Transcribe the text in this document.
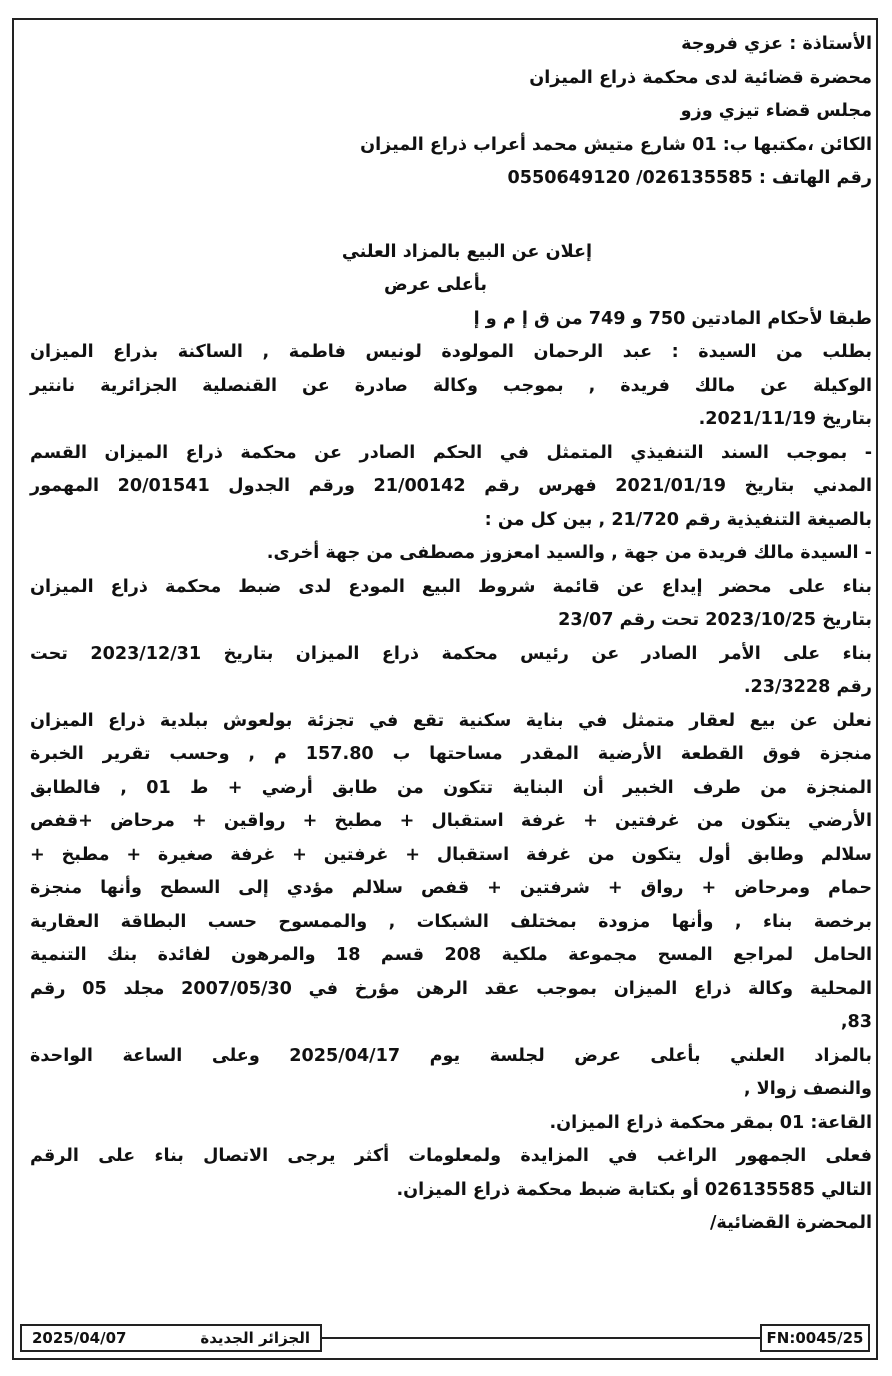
الأستاذة : عزي فروجة
محضرة قضائية لدى محكمة ذراع الميزان
مجلس قضاء تيزي وزو
الكائن ،مكتبها ب: 01 شارع متيش محمد أعراب ذراع الميزان
رقم الهاتف : 026135585/ 0550649120
إعلان عن البيع بالمزاد العلني
بأعلى عرض
طبقا لأحكام المادتين 750 و 749 من ق إ م و إ
بطلب من السيدة : عبد الرحمان المولودة لونيس فاطمة , الساكنة بذراع الميزان
الوكيلة عن مالك فريدة , بموجب وكالة صادرة عن القنصلية الجزائرية نانتير
بتاريخ 2021/11/19.
- بموجب السند التنفيذي المتمثل في الحكم الصادر عن محكمة ذراع الميزان القسم
المدني بتاريخ 2021/01/19 فهرس رقم 21/00142 ورقم الجدول 20/01541 المهمور
بالصيغة التنفيذية رقم 21/720 , بين كل من :
- السيدة مالك فريدة من جهة , والسيد امعزوز مصطفى من جهة أخرى.
بناء على محضر إيداع عن قائمة شروط البيع المودع لدى ضبط محكمة ذراع الميزان
بتاريخ 2023/10/25 تحت رقم 23/07
بناء على الأمر الصادر عن رئيس محكمة ذراع الميزان بتاريخ 2023/12/31 تحت
رقم 23/3228.
نعلن عن بيع لعقار متمثل في بناية سكنية تقع في تجزئة بولعوش ببلدية ذراع الميزان
منجزة فوق القطعة الأرضية المقدر مساحتها ب 157.80 م , وحسب تقرير الخبرة
المنجزة من طرف الخبير أن البناية تتكون من طابق أرضي + ط 01 , فالطابق
الأرضي يتكون من غرفتين + غرفة استقبال + مطبخ + رواقين + مرحاض +قفص
سلالم وطابق أول يتكون من غرفة استقبال + غرفتين + غرفة صغيرة + مطبخ +
حمام ومرحاض + رواق + شرفتين + قفص سلالم مؤدي إلى السطح وأنها منجزة
برخصة بناء , وأنها مزودة بمختلف الشبكات , والممسوح حسب البطاقة العقارية
الحامل لمراجع المسح مجموعة ملكية 208 قسم 18 والمرهون لفائدة بنك التنمية
المحلية وكالة ذراع الميزان بموجب عقد الرهن مؤرخ في 2007/05/30 مجلد 05 رقم
83,
بالمزاد العلني بأعلى عرض لجلسة يوم 2025/04/17 وعلى الساعة الواحدة
والنصف زوالا ,
القاعة: 01 بمقر محكمة ذراع الميزان.
فعلى الجمهور الراغب في المزايدة ولمعلومات أكثر يرجى الاتصال بناء على الرقم
التالي 026135585 أو بكتابة ضبط محكمة ذراع الميزان.
المحضرة القضائية/
الجزائر الجديدة
2025/04/07	FN:0045/25
